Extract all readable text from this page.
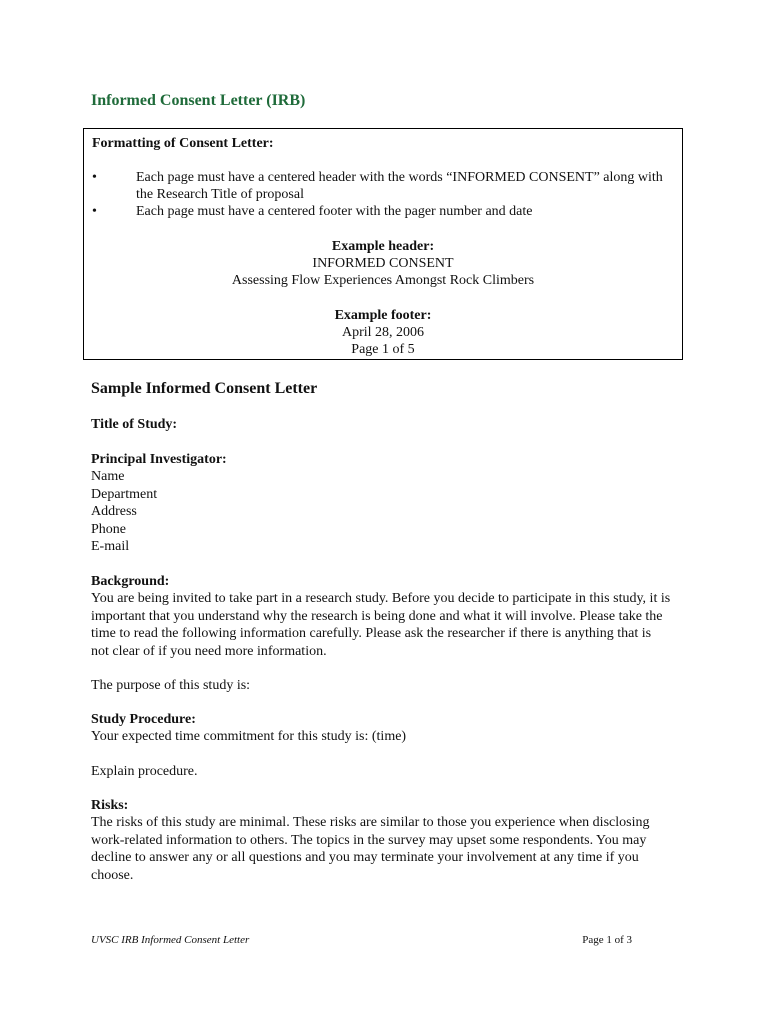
Informed Consent Letter (IRB)
Formatting of Consent Letter:
•	Each page must have a centered header with the words “INFORMED CONSENT” along with the Research Title of proposal
•	Each page must have a centered footer with the pager number and date
Example header:
INFORMED CONSENT
Assessing Flow Experiences Amongst Rock Climbers
Example footer:
April 28, 2006
Page 1 of 5
Sample Informed Consent Letter
Title of Study:
Principal Investigator:
Name
Department
Address
Phone
E-mail
Background:
You are being invited to take part in a research study. Before you decide to participate in this study, it is important that you understand why the research is being done and what it will involve. Please take the time to read the following information carefully. Please ask the researcher if there is anything that is not clear of if you need more information.
The purpose of this study is:
Study Procedure:
Your expected time commitment for this study is: (time)
Explain procedure.
Risks:
The risks of this study are minimal. These risks are similar to those you experience when disclosing work-related information to others. The topics in the survey may upset some respondents. You may decline to answer any or all questions and you may terminate your involvement at any time if you choose.
UVSC IRB Informed Consent Letter	Page 1 of 3
